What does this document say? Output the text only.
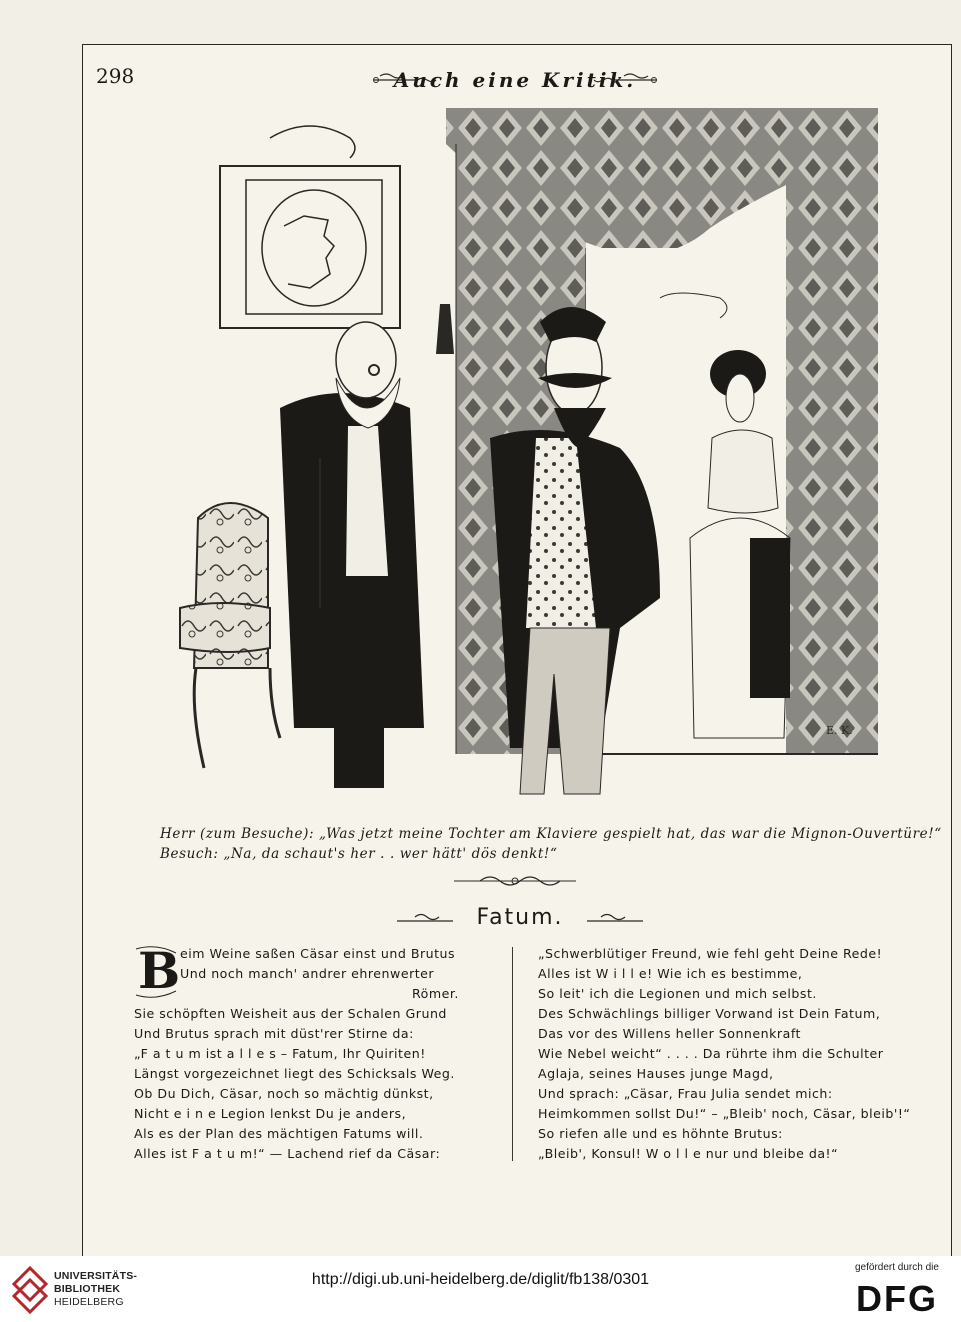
298	Auch eine Kritik.
E. K.
Herr (zum Besuche): „Was jetzt meine Tochter am Klaviere gespielt hat, das war die Mignon-Ouvertüre!“
Besuch: „Na, da schaut's her . . wer hätt' dös denkt!“
Fatum.
B eim Weine saßen Cäsar einst und Brutus
Und noch manch' andrer ehrenwerter
Römer.
Sie schöpften Weisheit aus der Schalen Grund
Und Brutus sprach mit düst'rer Stirne da:
„F a t u m ist a l l e s – Fatum, Ihr Quiriten!
Längst vorgezeichnet liegt des Schicksals Weg.
Ob Du Dich, Cäsar, noch so mächtig dünkst,
Nicht e i n e Legion lenkst Du je anders,
Als es der Plan des mächtigen Fatums will.
Alles ist F a t u m!“ — Lachend rief da Cäsar:
„Schwerblütiger Freund, wie fehl geht Deine Rede!
Alles ist W i l l e! Wie ich es bestimme,
So leit' ich die Legionen und mich selbst.
Des Schwächlings billiger Vorwand ist Dein Fatum,
Das vor des Willens heller Sonnenkraft
Wie Nebel weicht“ . . . . Da rührte ihm die Schulter
Aglaja, seines Hauses junge Magd,
Und sprach: „Cäsar, Frau Julia sendet mich:
Heimkommen sollst Du!“ – „Bleib' noch, Cäsar, bleib'!“
So riefen alle und es höhnte Brutus:
„Bleib', Konsul! W o l l e nur und bleibe da!“
UNIVERSITÄTS-
BIBLIOTHEK
HEIDELBERG
http://digi.ub.uni-heidelberg.de/diglit/fb138/0301
gefördert durch die
DFG
